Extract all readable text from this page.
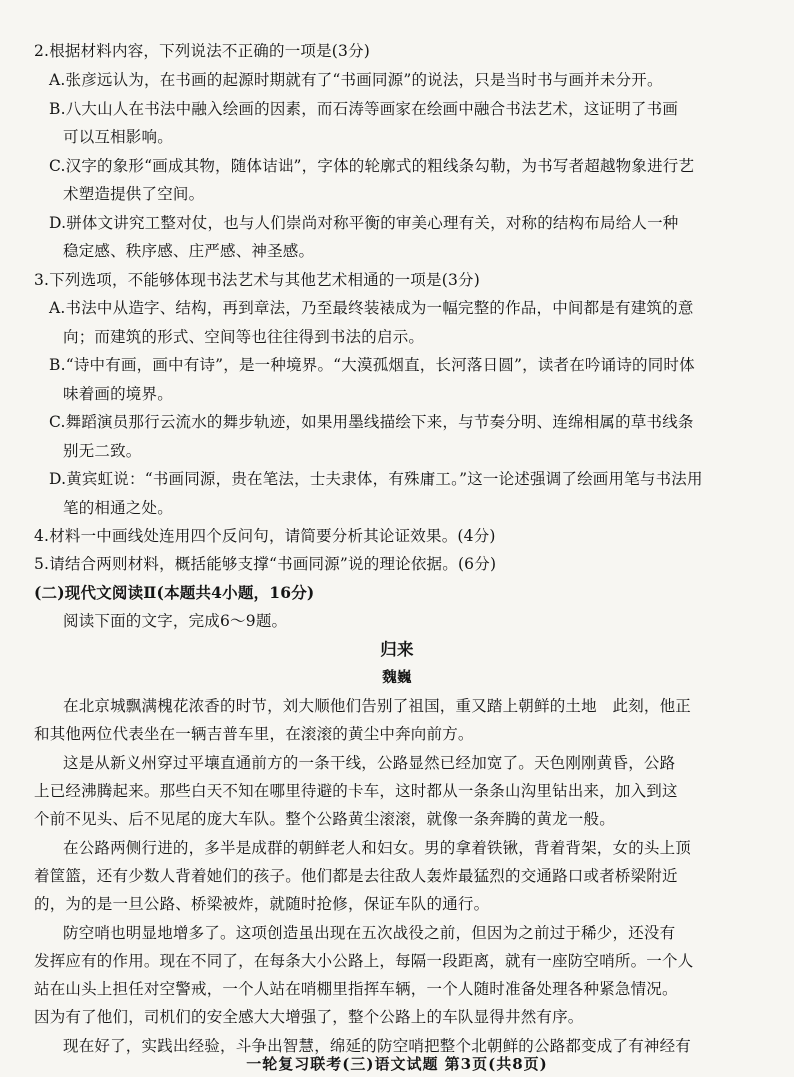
2.根据材料内容，下列说法不正确的一项是(3分)
A.张彦远认为，在书画的起源时期就有了“书画同源”的说法，只是当时书与画并未分开。
B.八大山人在书法中融入绘画的因素，而石涛等画家在绘画中融合书法艺术，这证明了书画
可以互相影响。
C.汉字的象形“画成其物，随体诘诎”，字体的轮廓式的粗线条勾勒，为书写者超越物象进行艺
术塑造提供了空间。
D.骈体文讲究工整对仗，也与人们崇尚对称平衡的审美心理有关，对称的结构布局给人一种
稳定感、秩序感、庄严感、神圣感。
3.下列选项，不能够体现书法艺术与其他艺术相通的一项是(3分)
A.书法中从造字、结构，再到章法，乃至最终装裱成为一幅完整的作品，中间都是有建筑的意
向；而建筑的形式、空间等也往往得到书法的启示。
B.“诗中有画，画中有诗”，是一种境界。“大漠孤烟直，长河落日圆”，读者在吟诵诗的同时体
味着画的境界。
C.舞蹈演员那行云流水的舞步轨迹，如果用墨线描绘下来，与节奏分明、连绵相属的草书线条
别无二致。
D.黄宾虹说：“书画同源，贵在笔法，士夫隶体，有殊庸工。”这一论述强调了绘画用笔与书法用
笔的相通之处。
4.材料一中画线处连用四个反问句，请简要分析其论证效果。(4分)
5.请结合两则材料，概括能够支撑“书画同源”说的理论依据。(6分)
(二)现代文阅读Ⅱ(本题共4小题，16分)
阅读下面的文字，完成6～9题。
归来
魏巍
在北京城飘满槐花浓香的时节，刘大顺他们告别了祖国，重又踏上朝鲜的土地　此刻，他正
和其他两位代表坐在一辆吉普车里，在滚滚的黄尘中奔向前方。
这是从新义州穿过平壤直通前方的一条干线，公路显然已经加宽了。天色刚刚黄昏，公路
上已经沸腾起来。那些白天不知在哪里待避的卡车，这时都从一条条山沟里钻出来，加入到这
个前不见头、后不见尾的庞大车队。整个公路黄尘滚滚，就像一条奔腾的黄龙一般。
在公路两侧行进的，多半是成群的朝鲜老人和妇女。男的拿着铁锹，背着背架，女的头上顶
着筐篮，还有少数人背着她们的孩子。他们都是去往敌人轰炸最猛烈的交通路口或者桥梁附近
的，为的是一旦公路、桥梁被炸，就随时抢修，保证车队的通行。
防空哨也明显地增多了。这项创造虽出现在五次战役之前，但因为之前过于稀少，还没有
发挥应有的作用。现在不同了，在每条大小公路上，每隔一段距离，就有一座防空哨所。一个人
站在山头上担任对空警戒，一个人站在哨棚里指挥车辆，一个人随时准备处理各种紧急情况。
因为有了他们，司机们的安全感大大增强了，整个公路上的车队显得井然有序。
现在好了，实践出经验，斗争出智慧，绵延的防空哨把整个北朝鲜的公路都变成了有神经有
一轮复习联考(三)语文试题 第3页(共8页)
